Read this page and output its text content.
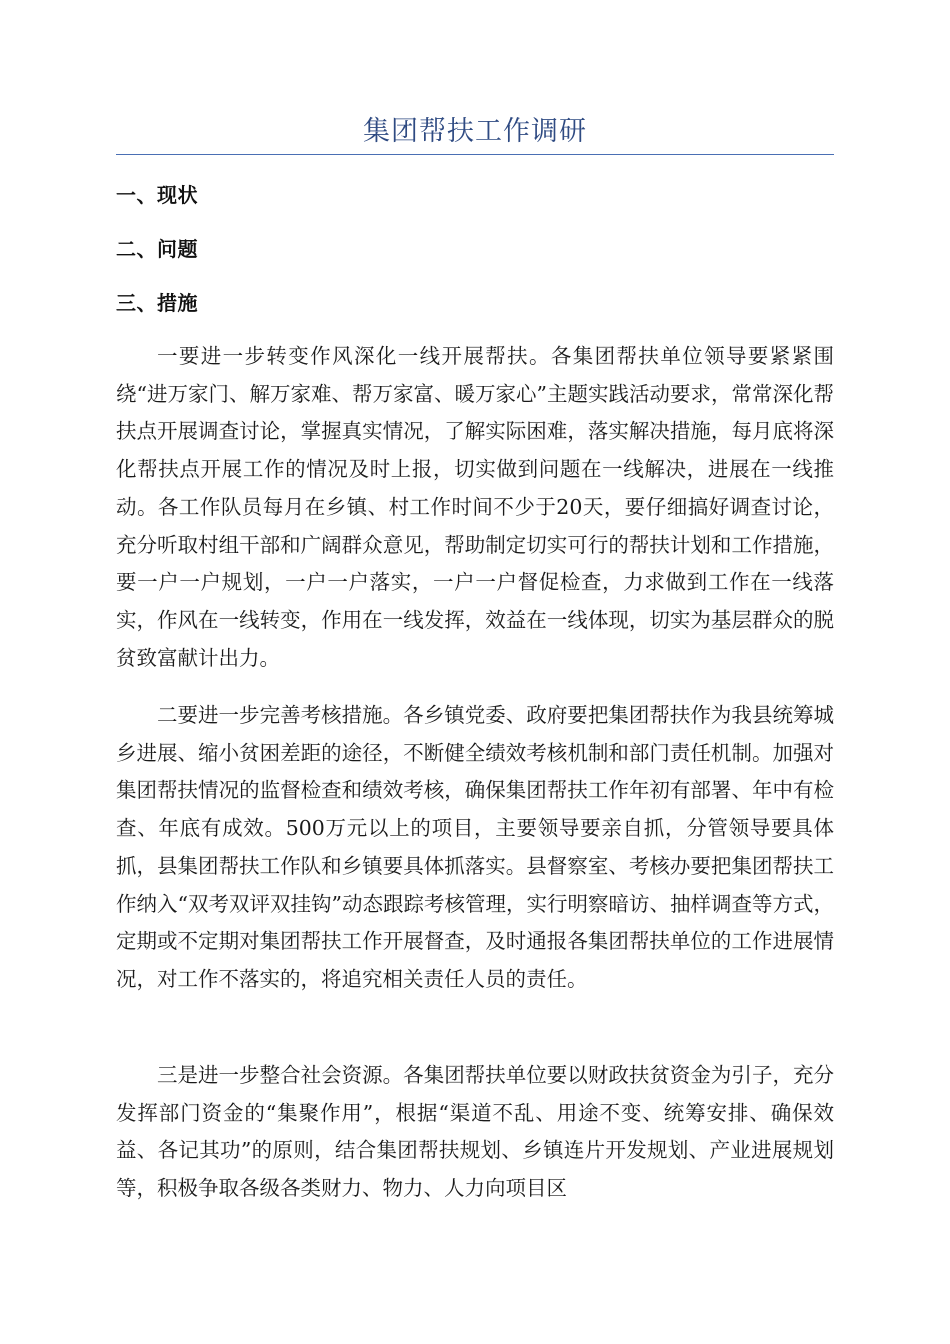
集团帮扶工作调研
一、现状
二、问题
三、措施

一要进一步转变作风深化一线开展帮扶。各集团帮扶单位领导要紧紧围绕“进万家门、解万家难、帮万家富、暖万家心”主题实践活动要求，常常深化帮扶点开展调查讨论，掌握真实情况，了解实际困难，落实解决措施，每月底将深化帮扶点开展工作的情况及时上报，切实做到问题在一线解决，进展在一线推动。各工作队员每月在乡镇、村工作时间不少于20天，要仔细搞好调查讨论，充分听取村组干部和广阔群众意见，帮助制定切实可行的帮扶计划和工作措施，要一户一户规划，一户一户落实，一户一户督促检查，力求做到工作在一线落实，作风在一线转变，作用在一线发挥，效益在一线体现，切实为基层群众的脱贫致富献计出力。

二要进一步完善考核措施。各乡镇党委、政府要把集团帮扶作为我县统筹城乡进展、缩小贫困差距的途径，不断健全绩效考核机制和部门责任机制。加强对集团帮扶情况的监督检查和绩效考核，确保集团帮扶工作年初有部署、年中有检查、年底有成效。500万元以上的项目，主要领导要亲自抓，分管领导要具体抓，县集团帮扶工作队和乡镇要具体抓落实。县督察室、考核办要把集团帮扶工作纳入“双考双评双挂钩”动态跟踪考核管理，实行明察暗访、抽样调查等方式，定期或不定期对集团帮扶工作开展督查，及时通报各集团帮扶单位的工作进展情况，对工作不落实的，将追究相关责任人员的责任。

三是进一步整合社会资源。各集团帮扶单位要以财政扶贫资金为引子，充分发挥部门资金的“集聚作用”，根据“渠道不乱、用途不变、统筹安排、确保效益、各记其功”的原则，结合集团帮扶规划、乡镇连片开发规划、产业进展规划等，积极争取各级各类财力、物力、人力向项目区
